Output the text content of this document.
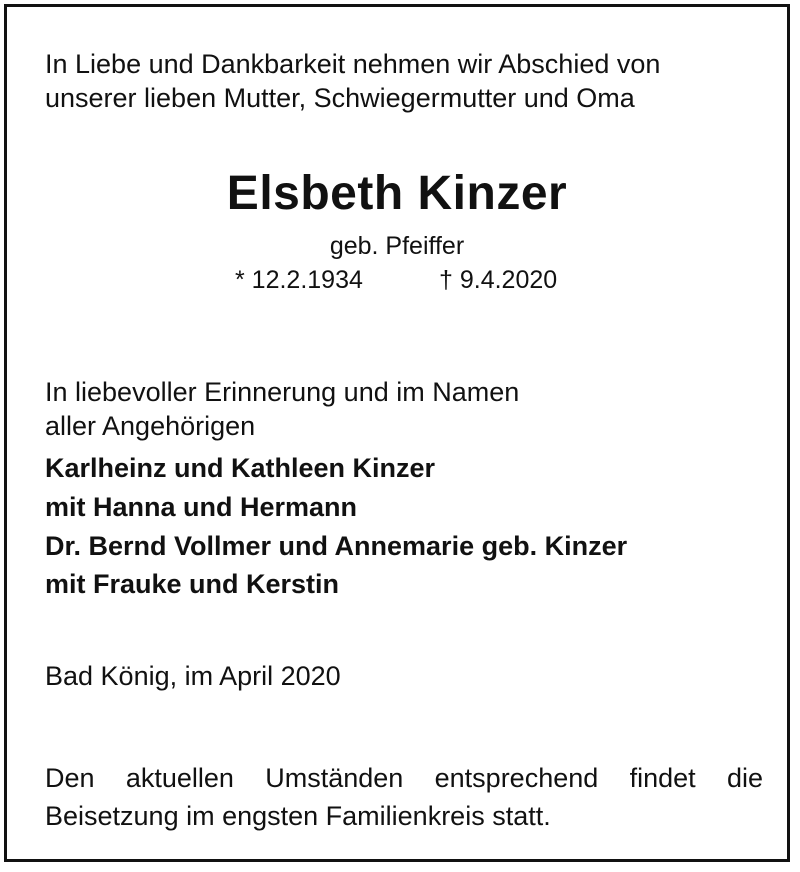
In Liebe und Dankbarkeit nehmen wir Abschied von
unserer lieben Mutter, Schwiegermutter und Oma
Elsbeth Kinzer
geb. Pfeiffer
* 12.2.1934	† 9.4.2020
In liebevoller Erinnerung und im Namen
aller Angehörigen
Karlheinz und Kathleen Kinzer
mit Hanna und Hermann
Dr. Bernd Vollmer und Annemarie geb. Kinzer
mit Frauke und Kerstin
Bad König, im April 2020
Den aktuellen Umständen entsprechend findet die
Beisetzung im engsten Familienkreis statt.
